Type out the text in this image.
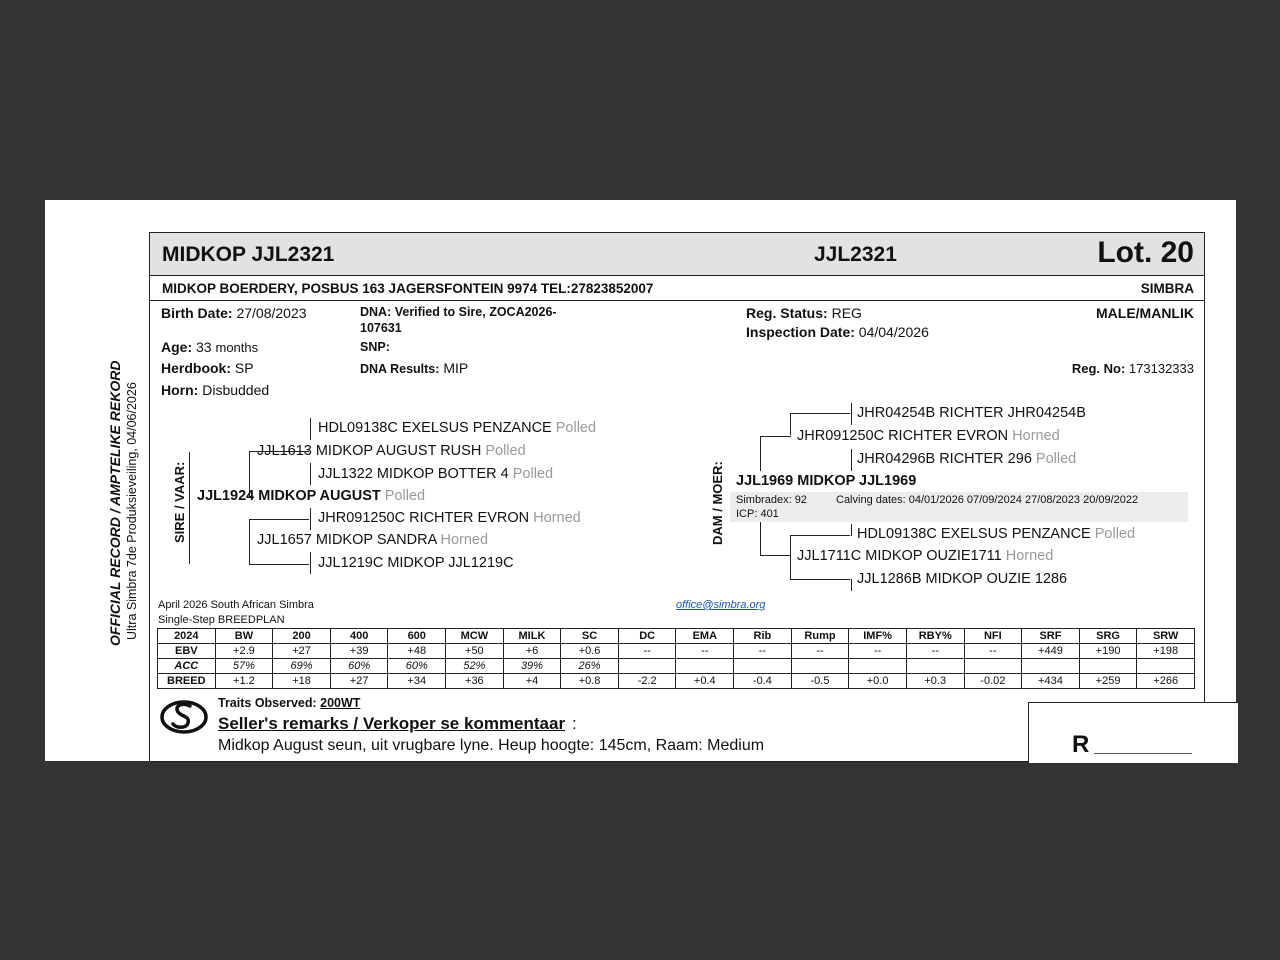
OFFICIAL RECORD / AMPTELIKE REKORD Ultra Simbra 7de Produksieveiling, 04/06/2026
MIDKOP JJL2321	JJL2321	Lot. 20
MIDKOP BOERDERY, POSBUS 163 JAGERSFONTEIN 9974 TEL:27823852007	SIMBRA
Birth Date: 27/08/2023
Age: 33 months
Herdbook: SP
Horn: Disbudded
DNA: Verified to Sire, ZOCA2026-
107631
SNP:
DNA Results: MIP
Reg. Status: REG
Inspection Date: 04/04/2026
MALE/MANLIK
Reg. No: 173132333
SIRE / VAAR:
HDL09138C EXELSUS PENZANCE Polled
JJL1613 MIDKOP AUGUST RUSH Polled
JJL1322 MIDKOP BOTTER 4 Polled
JJL1924 MIDKOP AUGUST Polled
JHR091250C RICHTER EVRON Horned
JJL1657 MIDKOP SANDRA Horned
JJL1219C MIDKOP JJL1219C
DAM / MOER:
JHR04254B RICHTER JHR04254B
JHR091250C RICHTER EVRON Horned
JHR04296B RICHTER 296 Polled
JJL1969 MIDKOP JJL1969
Simbradex: 92	Calving dates: 04/01/2026 07/09/2024 27/08/2023 20/09/2022
ICP: 401
HDL09138C EXELSUS PENZANCE Polled
JJL1711C MIDKOP OUZIE1711 Horned
JJL1286B MIDKOP OUZIE 1286
April 2026 South African Simbra
Single-Step BREEDPLAN
office@simbra.org
2024	BW	200	400	600	MCW	MILK	SC	DC	EMA	Rib	Rump	IMF%	RBY%	NFI	SRF	SRG	SRW
EBV	+2.9	+27	+39	+48	+50	+6	+0.6	--	--	--	--	--	--	--	+449	+190	+198
ACC	57%	69%	60%	60%	52%	39%	26%										
BREED	+1.2	+18	+27	+34	+36	+4	+0.8	-2.2	+0.4	-0.4	-0.5	+0.0	+0.3	-0.02	+434	+259	+266
Traits Observed: 200WT
Seller's remarks / Verkoper se kommentaar :
Midkop August seun, uit vrugbare lyne. Heup hoogte: 145cm, Raam: Medium	R
